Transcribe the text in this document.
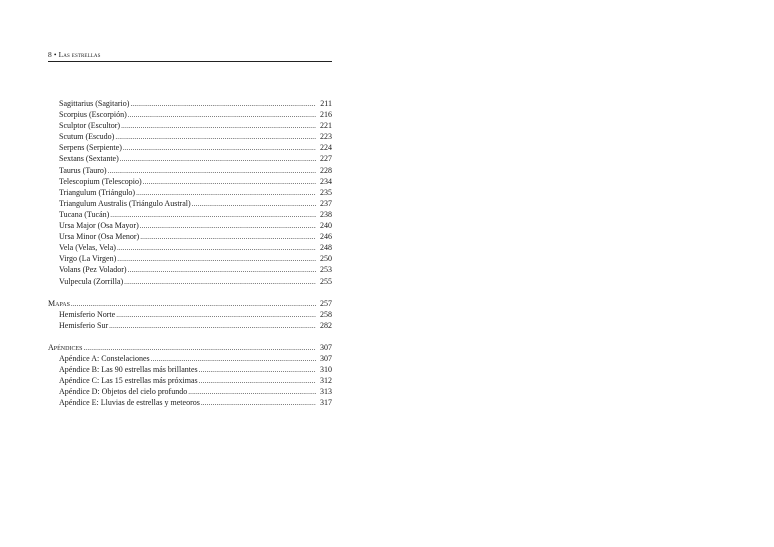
8 • Las estrellas
Sagittarius (Sagitario) .....	211
Scorpius (Escorpión) .....	216
Sculptor (Escultor) .....	221
Scutum (Escudo) .....	223
Serpens (Serpiente) .....	224
Sextans (Sextante) .....	227
Taurus (Tauro) .....	228
Telescopium (Telescopio) .....	234
Triangulum (Triángulo) .....	235
Triangulum Australis (Triángulo Austral) .....	237
Tucana (Tucán) .....	238
Ursa Major (Osa Mayor) .....	240
Ursa Minor (Osa Menor) .....	246
Vela (Velas, Vela) .....	248
Virgo (La Virgen) .....	250
Volans (Pez Volador) .....	253
Vulpecula (Zorrilla) .....	255
Mapas .....	257
Hemisferio Norte .....	258
Hemisferio Sur .....	282
Apéndices .....	307
Apéndice A: Constelaciones .....	307
Apéndice B: Las 90 estrellas más brillantes .....	310
Apéndice C: Las 15 estrellas más próximas .....	312
Apéndice D: Objetos del cielo profundo .....	313
Apéndice E: Lluvias de estrellas y meteoros .....	317
